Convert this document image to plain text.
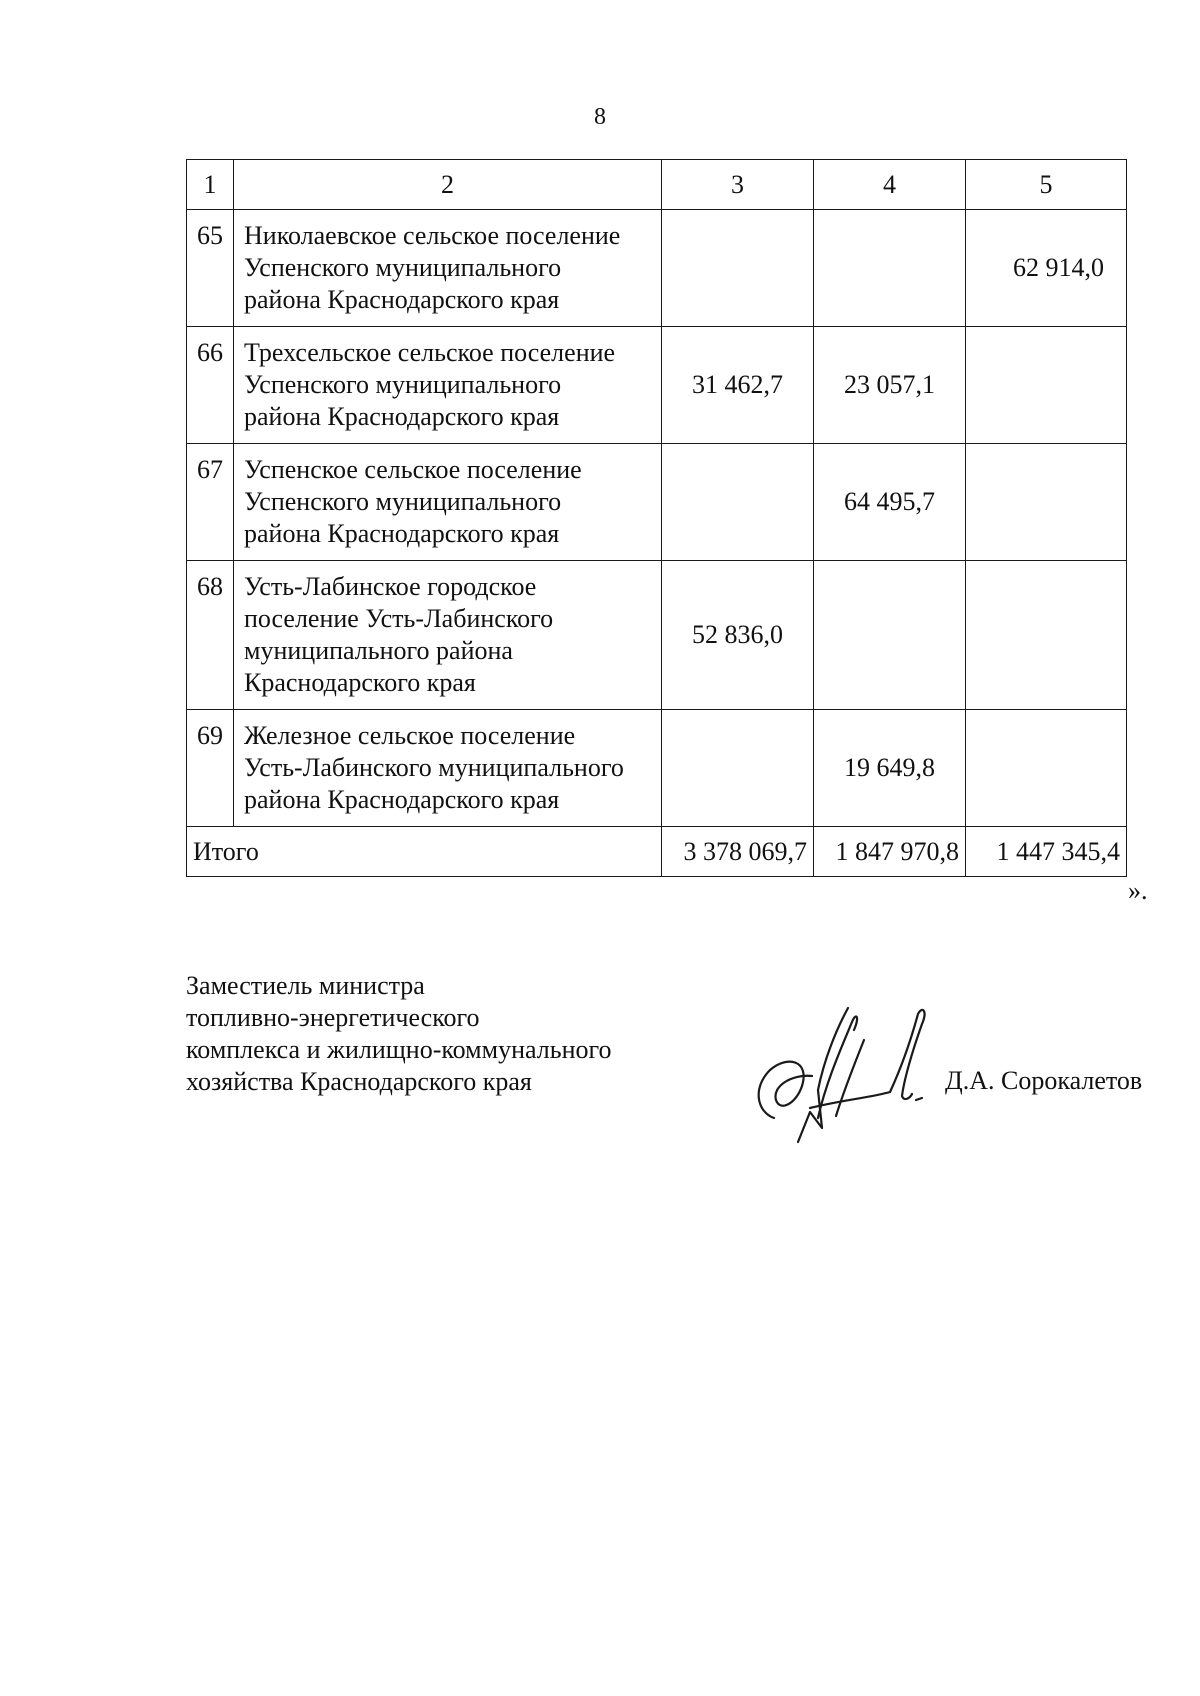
8
1	2	3	4	5
65	Николаевское сельское поселение
Успенского муниципального
района Краснодарского края			62 914,0
66	Трехсельское сельское поселение
Успенского муниципального
района Краснодарского края	31 462,7	23 057,1	
67	Успенское сельское поселение
Успенского муниципального
района Краснодарского края		64 495,7	
68	Усть-Лабинское городское
поселение Усть-Лабинского
муниципального района
Краснодарского края	52 836,0		
69	Железное сельское поселение
Усть-Лабинского муниципального
района Краснодарского края		19 649,8	
Итого		3 378 069,7	1 847 970,8	1 447 345,4
».
Заместиель министра
топливно-энергетического
комплекса и жилищно-коммунального
хозяйства Краснодарского края	Д.А. Сорокалетов
